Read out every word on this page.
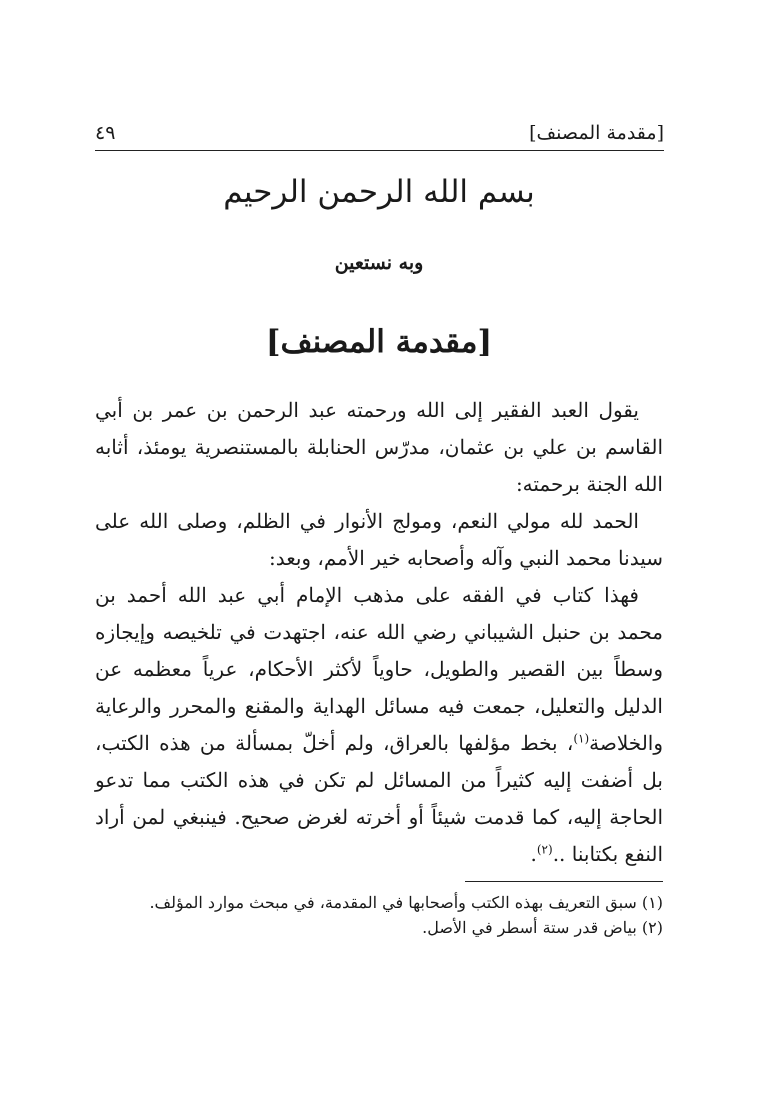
[مقدمة المصنف]
٤٩
بسم الله الرحمن الرحيم
وبه نستعين
[مقدمة المصنف]

يقول العبد الفقير إلى الله ورحمته عبد الرحمن بن عمر بن أبي القاسم بن علي بن عثمان، مدرّس الحنابلة بالمستنصرية يومئذ، أثابه الله الجنة برحمته:

الحمد لله مولي النعم، ومولج الأنوار في الظلم، وصلى الله على سيدنا محمد النبي وآله وأصحابه خير الأمم، وبعد:

فهذا كتاب في الفقه على مذهب الإمام أبي عبد الله أحمد بن محمد بن حنبل الشيباني رضي الله عنه، اجتهدت في تلخيصه وإيجازه وسطاً بين القصير والطويل، حاوياً لأكثر الأحكام، عرياً معظمه عن الدليل والتعليل، جمعت فيه مسائل الهداية والمقنع والمحرر والرعاية والخلاصة$^{(١)}$، بخط مؤلفها بالعراق، ولم أخلّ بمسألة من هذه الكتب، بل أضفت إليه كثيراً من المسائل لم تكن في هذه الكتب مما تدعو الحاجة إليه، كما قدمت شيئاً أو أخرته لغرض صحيح. فينبغي لمن أراد النفع بكتابنا ..$^{(٢)}$.

(١) سبق التعريف بهذه الكتب وأصحابها في المقدمة، في مبحث موارد المؤلف.
(٢) بياض قدر ستة أسطر في الأصل.
